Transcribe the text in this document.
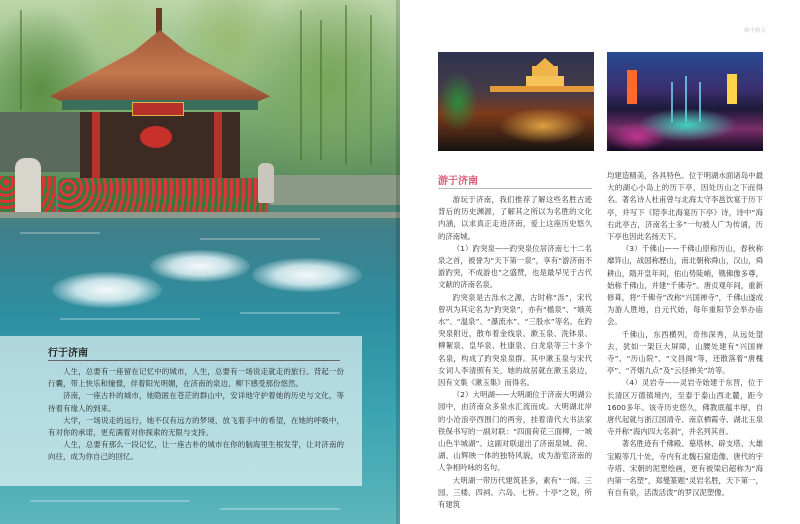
行于济南

人生，总要有一座留在记忆中的城市，人生，总要有一场说走就走的旅行。背起一份行囊，带上快乐和憧憬，伴着阳光明媚，在济南的泉边、柳下感受那份悠然。

济南，一座古朴的城市，她隐匿在苍茫的群山中，安详地守护着她的历史与文化，等待着有缘人的到来。

大学，一场说走的远行，她不仅有远方的梦境，放飞着手中的希望，在她的呼吸中，有对你的承诺，更充满着对你探索的无限与支持。

人生，总要有那么一段记忆，让一座古朴的城市在你的脑海里生根发芽，让对济南的向往，成为你自己的回忆。

颂中游天
游于济南

游玩于济南，我们推荐了解这些名胜古迹背后的历史渊源，了解其之所以为名胜的文化内涵，以求真正走进济南，爱上这座历史悠久的济南城。

（1）趵突泉——趵突泉位居济南七十二名泉之首，被誉为“天下第一泉”，享有“游济南不游趵突，不成游也”之盛赞，也是最早见于古代文献的济南名泉。

趵突泉是古泺水之源，古时称“泺”，宋代曾巩为其定名为“趵突泉”，亦有“槛泉”、“娥英水”、“温泉”、“瀑流水”、“三股水”等名。在趵突泉附近，散布着金线泉、漱玉泉、洗钵泉、柳絮泉、皇华泉、杜康泉、白龙泉等三十多个名泉，构成了趵突泉泉群。其中漱玉泉与宋代女词人李清照有关，她的故居就在漱玉泉边，因有文集《漱玉集》而得名。

（2）大明湖——大明湖位于济南大明湖公园中，由济南众多泉水汇流而成。大明湖北岸的小沧浪亭西围门的两旁，挂着清代大书法家铁保书写的一副对联：“四面荷花三面柳，一城山色半城湖”。这副对联道出了济南泉城、荷、湖、山辉映一体的独特风貌，成为游览济南的人争相吟咏的名句。

大明湖一带历代建筑甚多，素有“一阁、三园、三楼、四祠、六岛、七桥、十亭”之说，所有建筑

均建造精美，各具特色。位于明湖水面诸岛中最大的湖心小岛上的历下亭，因处历山之下而得名。著名诗人杜甫曾与北海太守李邕饮宴于历下亭，并写下《陪李北海宴历下亭》诗，诗中“海右此亭古，济南名士多”一句被人广为传诵，历下亭也因此名扬天下。

（3）千佛山——千佛山原称历山，春秋称靡笄山，战国称歷山，南北朝称舜山，汉山，舜耕山，隋开皇年间，佑山势陡峭，镌佛像多尊，始称千佛山，并建“千佛寺”。唐贞观年间，重新修葺，将“千佛寺”改称“兴国禅寺”，千佛山遂成为游人胜地，自元代始，每年重阳节会举办庙会。

千佛山，东西横列，奇伟深秀，从远处望去，犹如一架巨大屏障，山腰处建有“兴国禅寺”、“历山院”、“文昌阁”等，还散落着“唐槐亭”、“齐烟九点”及“云径禅关”坊等。

（4）灵岩寺——灵岩寺始建于东晋，位于长清区万德镇境内，至泰于泰山西北麓，距今1600多年。该寺历史悠久，佛教底蕴丰厚，自唐代起就与浙江国清寺、南京栖霞寺、湖北玉泉寺并称“海内四大名刹”，并名列其首。

著名胜迹有千佛殿、墓塔林、辟支塔、大雄宝殿等几十处，寺内有北魏石窟造像、唐代的宇寺塔、宋朝的泥塑绘画，更有被梁启超称为“海内第一名塑”，郑燮篆题“灵岩名胜，天下第一，有自有泉，活泼活泼”的罗汉泥塑像。
